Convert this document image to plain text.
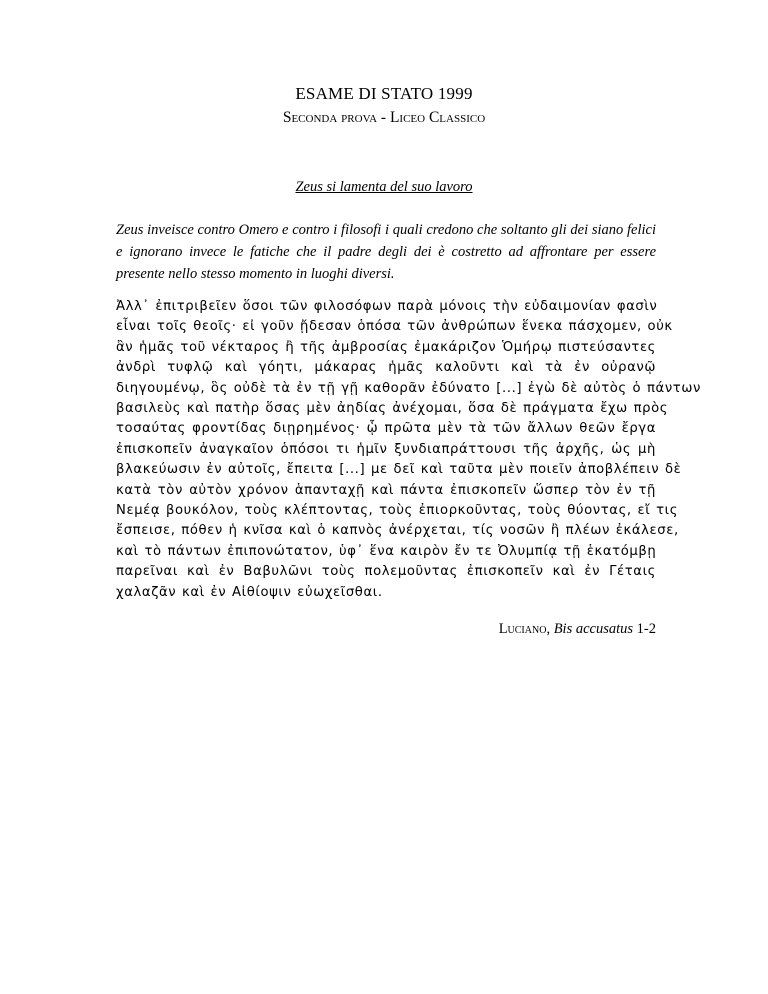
ESAME DI STATO 1999

Seconda prova - Liceo Classico

Zeus si lamenta del suo lavoro

Zeus inveisce contro Omero e contro i filosofi i quali credono che soltanto gli dei siano felici e ignorano invece le fatiche che il padre degli dei è costretto ad affrontare per essere presente nello stesso momento in luoghi diversi.

Ἀλλ᾽ ἐπιτριβεῖεν ὅσοι τῶν φιλοσόφων παρὰ μόνοις τὴν εὐδαιμονίαν φασὶν
εἶναι τοῖς θεοῖς· εἰ γοῦν ᾔδεσαν ὁπόσα τῶν ἀνθρώπων ἕνεκα πάσχομεν, οὐκ
ἂν ἡμᾶς τοῦ νέκταρος ἢ τῆς ἀμβροσίας ἐμακάριζον Ὁμήρῳ πιστεύσαντες
ἀνδρὶ τυφλῷ καὶ γόητι, μάκαρας ἡμᾶς καλοῦντι καὶ τὰ ἐν οὐρανῷ
διηγουμένῳ, ὃς οὐδὲ τὰ ἐν τῇ γῇ καθορᾶν ἐδύνατο [...] ἐγὼ δὲ αὐτὸς ὁ πάντων
βασιλεὺς καὶ πατὴρ ὅσας μὲν ἀηδίας ἀνέχομαι, ὅσα δὲ πράγματα ἔχω πρὸς
τοσαύτας φροντίδας διῃρημένος· ᾧ πρῶτα μὲν τὰ τῶν ἄλλων θεῶν ἔργα
ἐπισκοπεῖν ἀναγκαῖον ὁπόσοι τι ἡμῖν ξυνδιαπράττουσι τῆς ἀρχῆς, ὡς μὴ
βλακεύωσιν ἐν αὐτοῖς, ἔπειτα [...] με δεῖ καὶ ταῦτα μὲν ποιεῖν ἀποβλέπειν δὲ
κατὰ τὸν αὐτὸν χρόνον ἁπανταχῇ καὶ πάντα ἐπισκοπεῖν ὥσπερ τὸν ἐν τῇ
Νεμέᾳ βουκόλον, τοὺς κλέπτοντας, τοὺς ἐπιορκοῦντας, τοὺς θύοντας, εἴ τις
ἔσπεισε, πόθεν ἡ κνῖσα καὶ ὁ καπνὸς ἀνέρχεται, τίς νοσῶν ἢ πλέων ἐκάλεσε,
καὶ τὸ πάντων ἐπιπονώτατον, ὑφ᾽ ἕνα καιρὸν ἔν τε Ὀλυμπίᾳ τῇ ἑκατόμβῃ
παρεῖναι καὶ ἐν Βαβυλῶνι τοὺς πολεμοῦντας ἐπισκοπεῖν καὶ ἐν Γέταις
χαλαζᾶν καὶ ἐν Αἰθίοψιν εὐωχεῖσθαι.
Luciano, Bis accusatus 1-2
